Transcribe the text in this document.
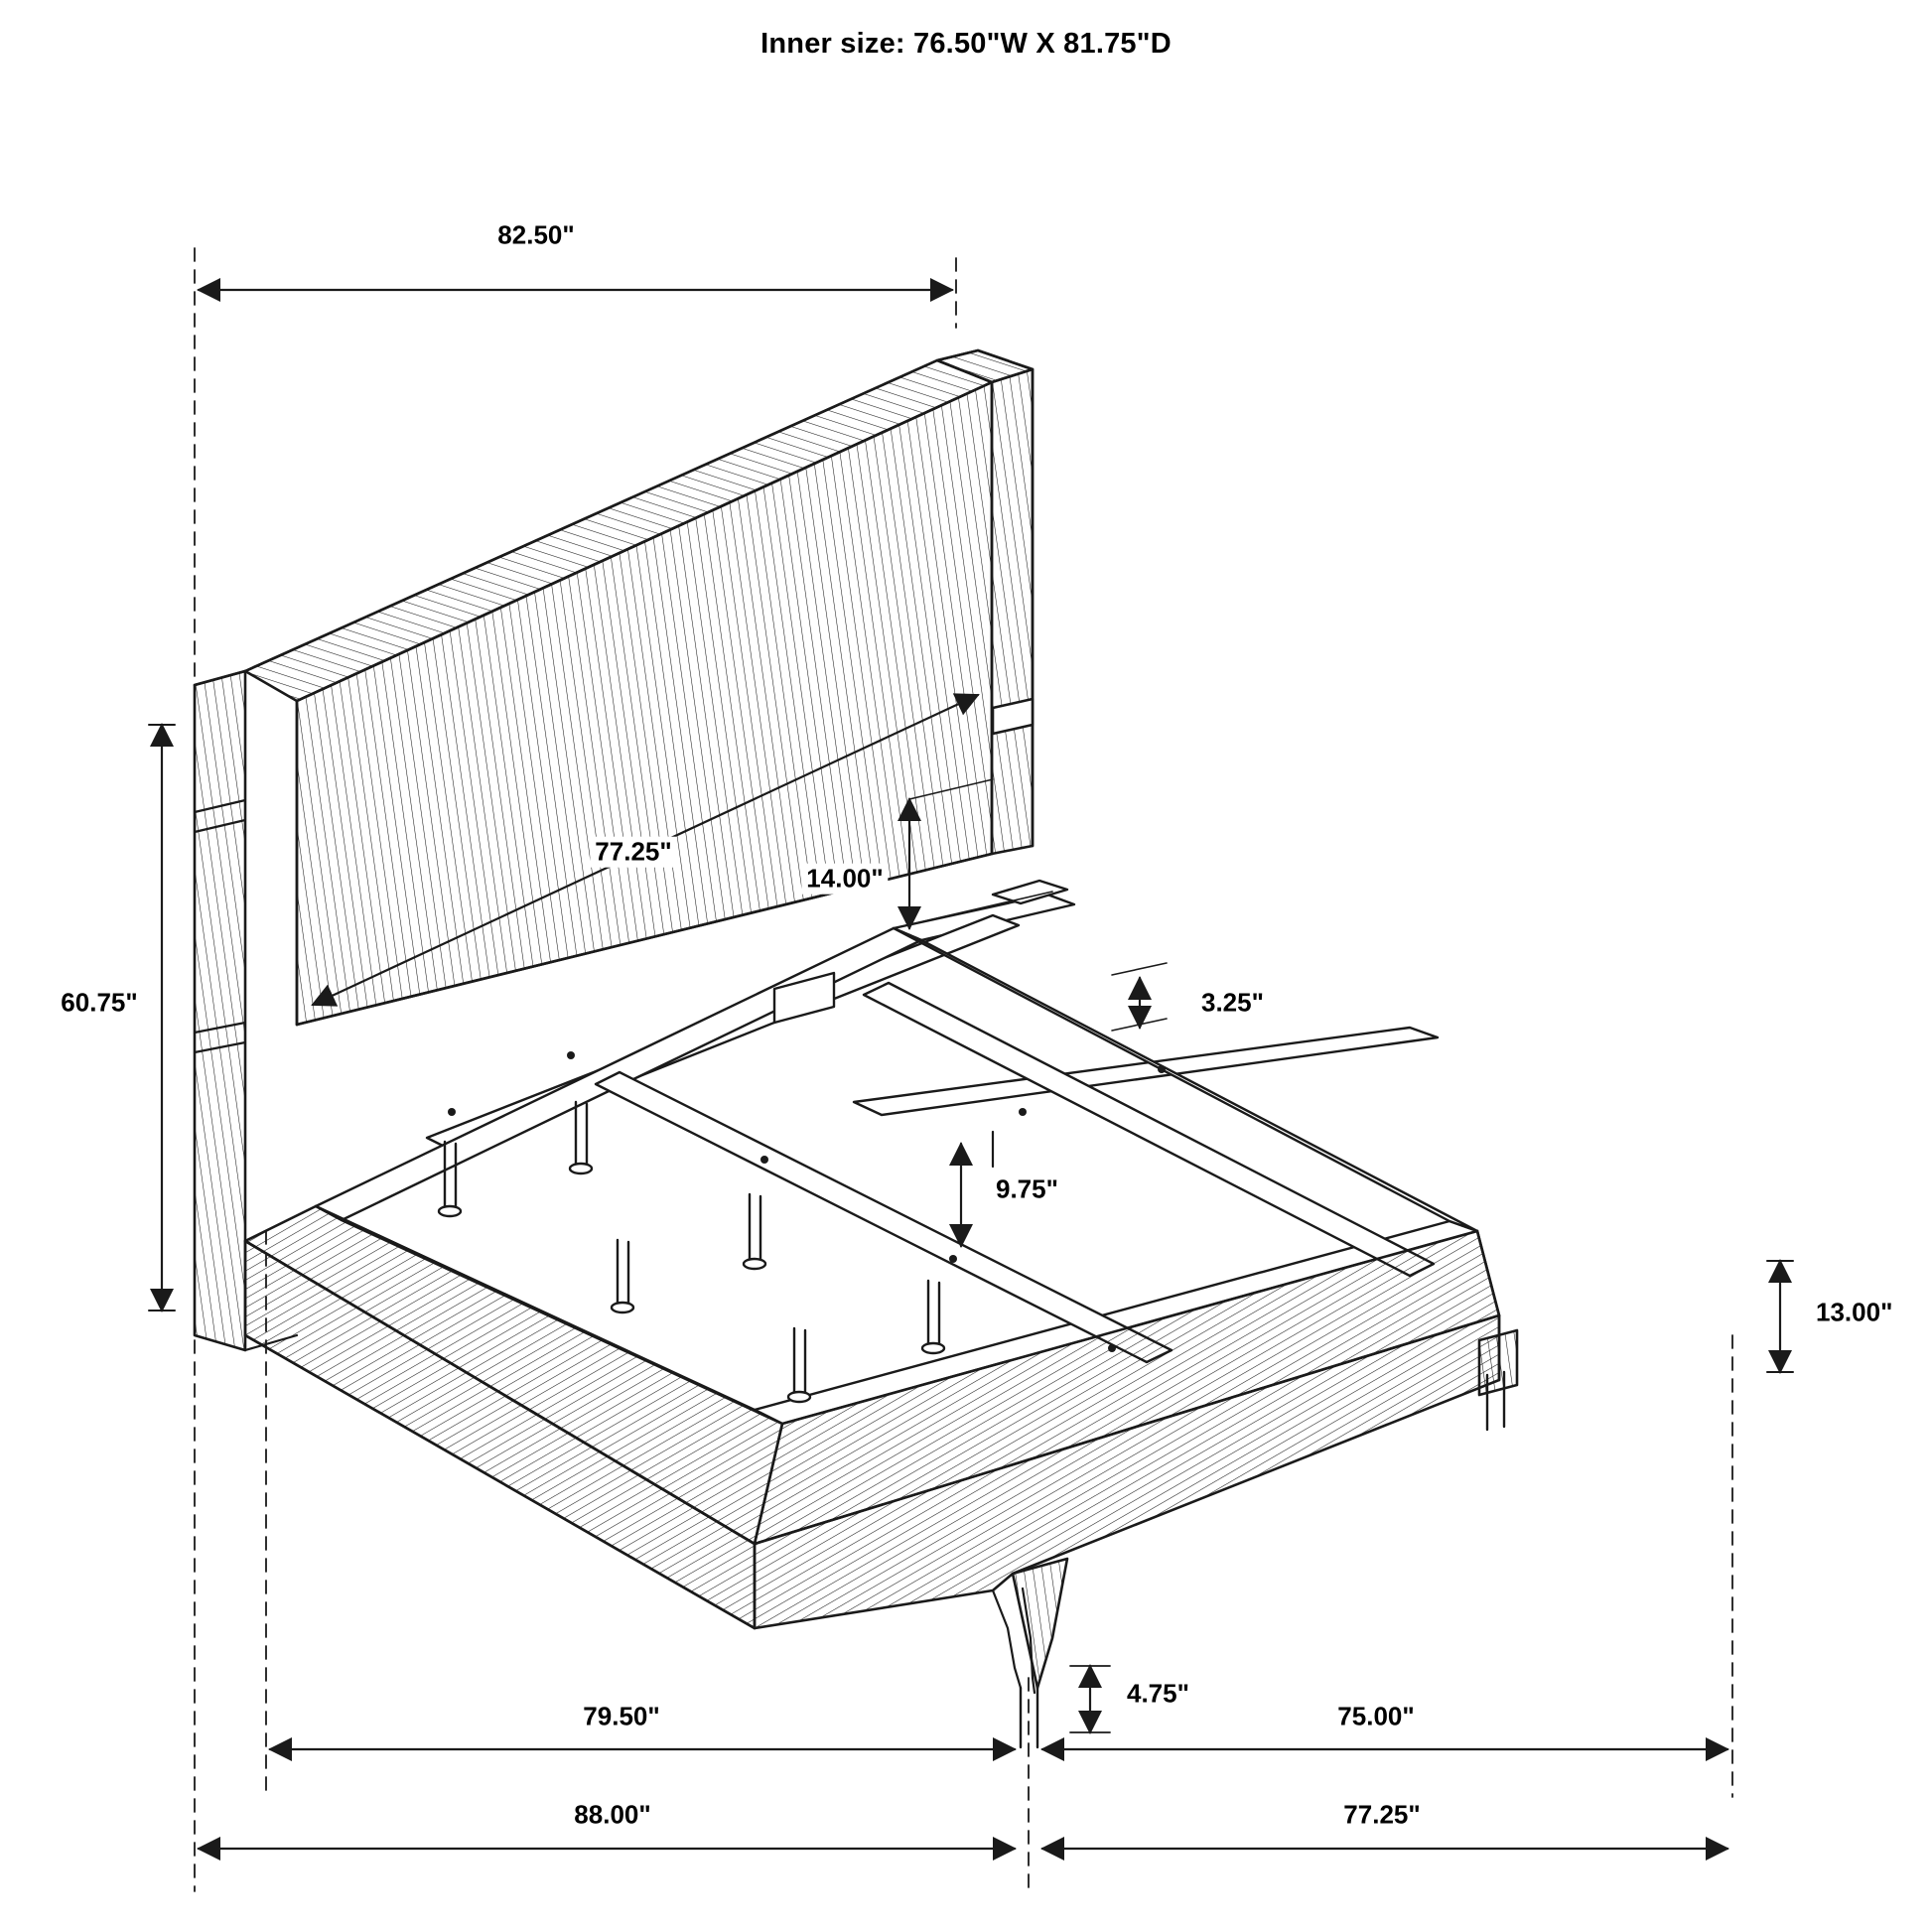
Inner size: 76.50"W X 81.75"D
82.50"
77.25"
60.75"
14.00"
3.25"
9.75"
13.00"
4.75"
79.50"	75.00"
88.00"	77.25"
